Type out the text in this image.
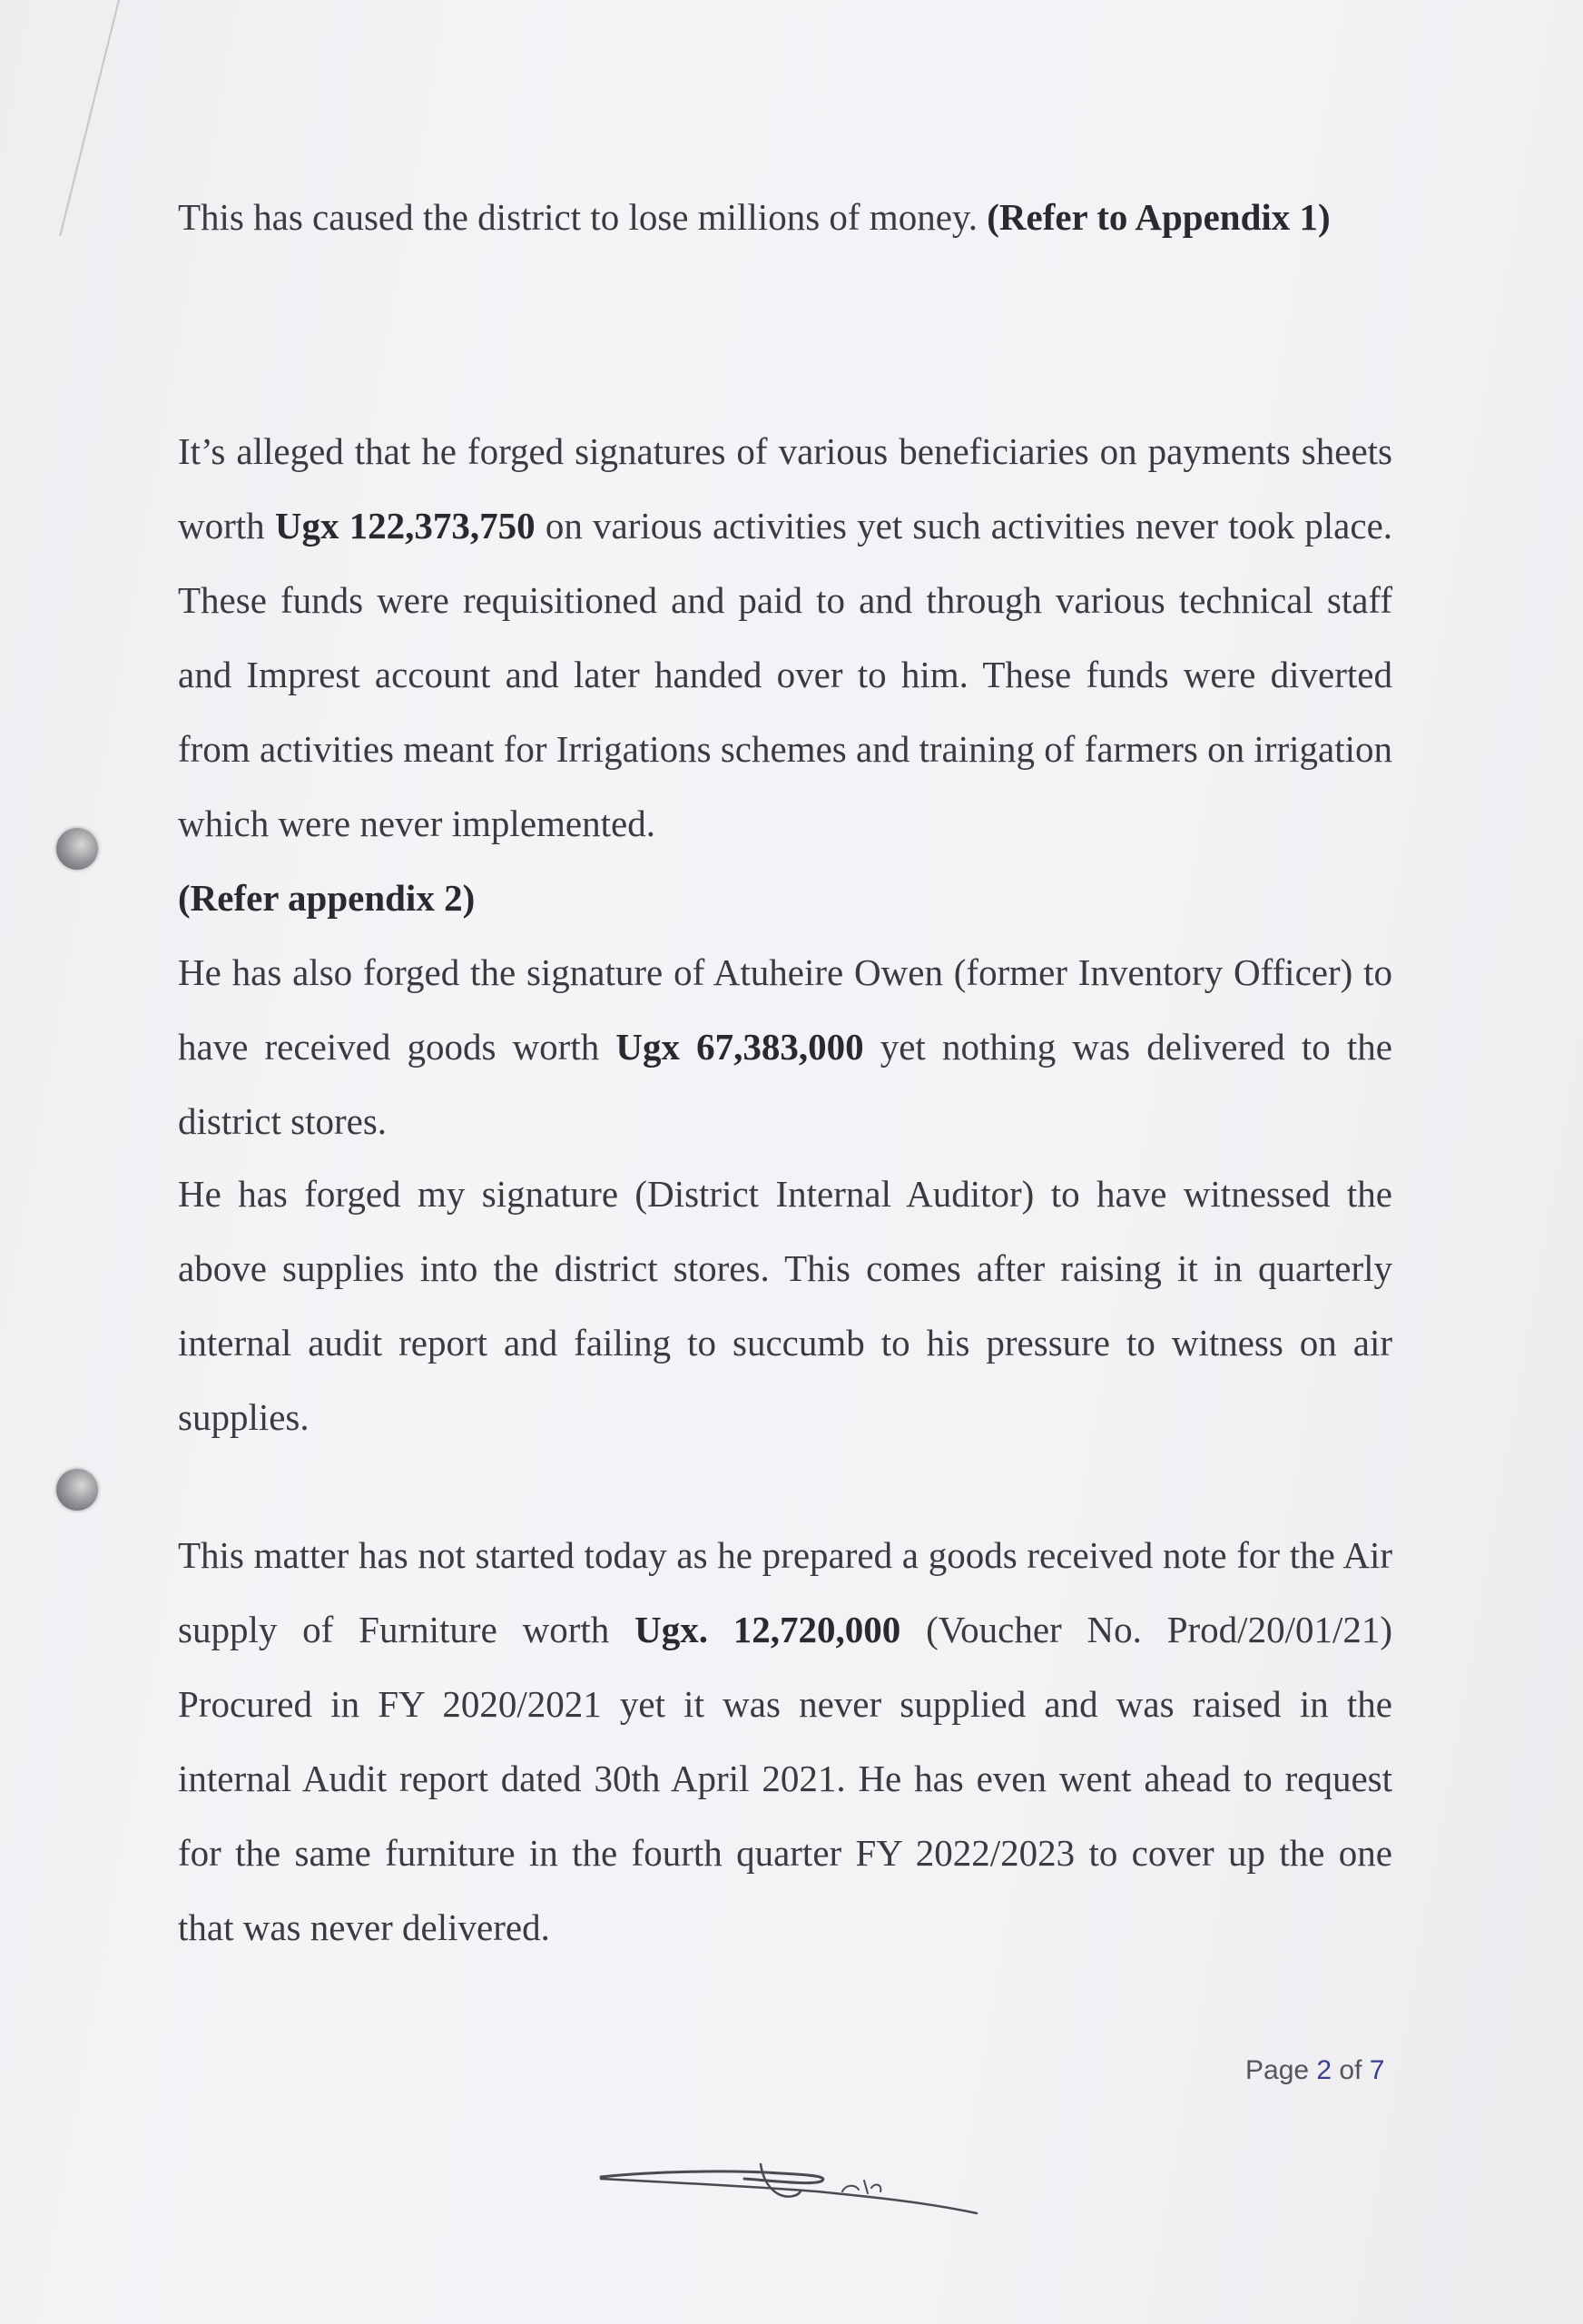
This has caused the district to lose millions of money. (Refer to Appendix 1)

It’s alleged that he forged signatures of various beneficiaries on payments sheets worth Ugx 122,373,750 on various activities yet such activities never took place. These funds were requisitioned and paid to and through various technical staff and Imprest account and later handed over to him. These funds were diverted from activities meant for Irrigations schemes and training of farmers on irrigation which were never implemented.
(Refer appendix 2)

He has also forged the signature of Atuheire Owen (former Inventory Officer) to have received goods worth Ugx 67,383,000 yet nothing was delivered to the district stores.

He has forged my signature (District Internal Auditor) to have witnessed the above supplies into the district stores. This comes after raising it in quarterly internal audit report and failing to succumb to his pressure to witness on air supplies.

This matter has not started today as he prepared a goods received note for the Air supply of Furniture worth Ugx. 12,720,000 (Voucher No. Prod/20/01/21) Procured in FY 2020/2021 yet it was never supplied and was raised in the internal Audit report dated 30th April 2021. He has even went ahead to request for the same furniture in the fourth quarter FY 2022/2023 to cover up the one that was never delivered.

Page 2 of 7
